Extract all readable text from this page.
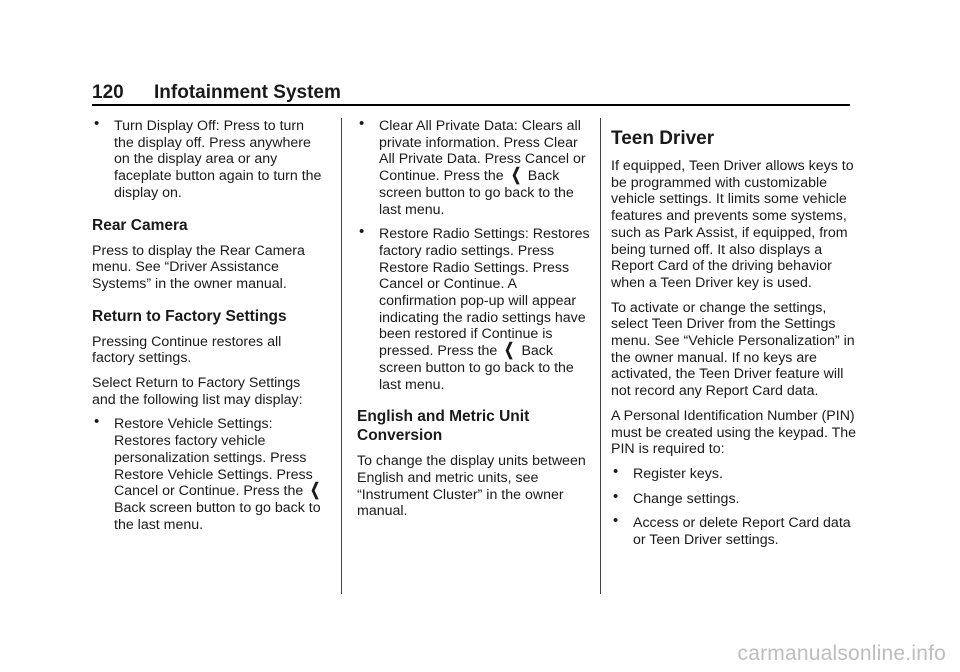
120 Infotainment System
• Turn Display Off: Press to turn the display off. Press anywhere on the display area or any faceplate button again to turn the display on.
Rear Camera

Press to display the Rear Camera menu. See “Driver Assistance Systems” in the owner manual.

Return to Factory Settings

Pressing Continue restores all factory settings.

Select Return to Factory Settings and the following list may display:

• Restore Vehicle Settings: Restores factory vehicle personalization settings. Press Restore Vehicle Settings. Press Cancel or Continue. Press the ❮ Back screen button to go back to the last menu.
• Clear All Private Data: Clears all private information. Press Clear All Private Data. Press Cancel or Continue. Press the ❮ Back screen button to go back to the last menu.
• Restore Radio Settings: Restores factory radio settings. Press Restore Radio Settings. Press Cancel or Continue. A confirmation pop-up will appear indicating the radio settings have been restored if Continue is pressed. Press the ❮ Back screen button to go back to the last menu.
English and Metric Unit Conversion

To change the display units between English and metric units, see “Instrument Cluster” in the owner manual.

Teen Driver

If equipped, Teen Driver allows keys to be programmed with customizable vehicle settings. It limits some vehicle features and prevents some systems, such as Park Assist, if equipped, from being turned off. It also displays a Report Card of the driving behavior when a Teen Driver key is used.

To activate or change the settings, select Teen Driver from the Settings menu. See “Vehicle Personalization” in the owner manual. If no keys are activated, the Teen Driver feature will not record any Report Card data.

A Personal Identification Number (PIN) must be created using the keypad. The PIN is required to:

• Register keys.
• Change settings.
• Access or delete Report Card data or Teen Driver settings.
carmanualsonline.info
